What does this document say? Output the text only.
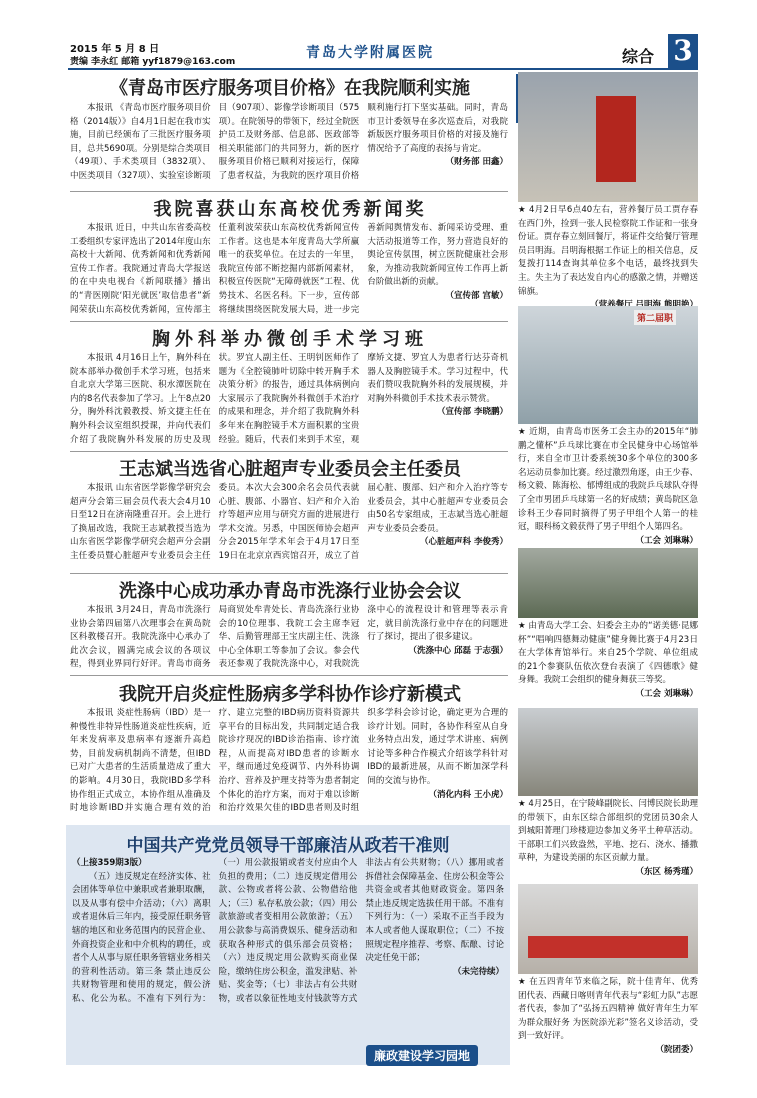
2015 年 5 月 8 日
责编 李永红 邮箱 yyf1879@163.com
青岛大学附属医院	综合 3
《青岛市医疗服务项目价格》在我院顺利实施

本报讯 《青岛市医疗服务项目价格（2014版）》自4月1日起在我市实施，目前已经颁布了三批医疗服务项目，总共5690项。分别是综合类项目（49项）、手术类项目（3832项）、中医类项目（327项）、实验室诊断项目（907项）、影像学诊断项目（575项）。在院领导的带领下，经过全院医护员工及财务部、信息部、医政部等相关职能部门的共同努力，新的医疗服务项目价格已顺利对接运行，保障了患者权益，为我院的医疗项目价格顺利施行打下坚实基础。同时，青岛市卫计委领导在多次巡查后，对我院新版医疗服务项目价格的对接及施行情况给予了高度的表扬与肯定。

（财务部 田鑫）
我院喜获山东高校优秀新闻奖

本报讯 近日，中共山东省委高校工委组织专家评选出了2014年度山东高校十大新闻、优秀新闻和优秀新闻宣传工作者。我院通过青岛大学报送的在中央电视台《新闻联播》播出的“青医刚院‘阳光就医’取信患者”新闻荣获山东高校优秀新闻，宣传部主任董利波荣获山东高校优秀新闻宣传工作者。这也是本年度青岛大学所赢唯一的获奖单位。在过去的一年里，我院宣传部不断挖掘内部新闻素材，积极宣传医院“无障碍就医”工程、优势技术、名医名科。下一步，宣传部将继续围绕医院发展大局，进一步完善新闻舆情发布、新闻采访受理、重大活动报道等工作，努力营造良好的舆论宣传氛围，树立医院健康社会形象，为推动我院新闻宣传工作再上新台阶做出新的贡献。

（宣传部 宫敏）
胸外科举办微创手术学习班

本报讯 4月16日上午，胸外科在院本部举办微创手术学习班，包括来自北京大学第三医院、积水潭医院在内的8名代表参加了学习。上午8点20分，胸外科沈毅教授、矫文捷主任在胸外科会议室组织授课，并向代表们介绍了我院胸外科发展的历史及现状。罗宜人副主任、王明钊医师作了题为《全腔镜肺叶切除中转开胸手术决策分析》的报告，通过具体病例向大家展示了我院胸外科微创手术治疗的成果和理念，并介绍了我院胸外科多年来在胸腔镜手术方面积累的宝贵经验。随后，代表们来到手术室，观摩矫文捷、罗宜人为患者行达芬奇机器人及胸腔镜手术。学习过程中，代表们赞叹我院胸外科的发展规模，并对胸外科微创手术技术表示赞赏。

（宣传部 李晓鹏）
王志斌当选省心脏超声专业委员会主任委员

本报讯 山东省医学影像学研究会超声分会第三届会员代表大会4月10日至12日在济南隆重召开。会上进行了换届改选，我院王志斌教授当选为山东省医学影像学研究会超声分会副主任委员暨心脏超声专业委员会主任委员。本次大会300余名会员代表就心脏、腹部、小器官、妇产和介入治疗等超声应用与研究方面的进展进行学术交流。另悉，中国医师协会超声分会2015年学术年会于4月17日至19日在北京京西宾馆召开，成立了首届心脏、腹部、妇产和介入治疗等专业委员会，其中心脏超声专业委员会由50名专家组成，王志斌当选心脏超声专业委员会委员。

（心脏超声科 李俊秀）
洗涤中心成功承办青岛市洗涤行业协会会议

本报讯 3月24日，青岛市洗涤行业协会第四届第八次理事会在黄岛院区科教楼召开。我院洗涤中心承办了此次会议，圆满完成会议的各项议程，得到业界同行好评。青岛市商务局商贸处牟青处长、青岛洗涤行业协会的10位理事、我院工会主席李冠华、后勤管理部王宝庆副主任、洗涤中心全体职工等参加了会议。参会代表还参观了我院洗涤中心，对我院洗涤中心的流程设计和管理等表示肯定，就目前洗涤行业中存在的问题进行了探讨，提出了很多建议。

（洗涤中心 邱磊 于志强）
我院开启炎症性肠病多学科协作诊疗新模式

本报讯 炎症性肠病（IBD）是一种慢性非特异性肠道炎症性疾病，近年来发病率及患病率有逐渐升高趋势，目前发病机制尚不清楚，但IBD已对广大患者的生活质量造成了重大的影响。4月30日，我院IBD多学科协作组正式成立，本协作组从准确及时地诊断IBD并实施合理有效的治疗、建立完整的IBD病历资料资源共享平台的目标出发，共同制定适合我院诊疗现况的IBD诊治指南、诊疗流程，从而提高对IBD患者的诊断水平，继而通过免疫调节、内外科协调治疗、营养及护理支持等为患者制定个体化的治疗方案，而对于难以诊断和治疗效果欠佳的IBD患者则及时组织多学科会诊讨论，确定更为合理的诊疗计划。同时，各协作科室从自身业务特点出发，通过学术讲座、病例讨论等多种合作模式介绍该学科针对IBD的最新进展，从而不断加深学科间的交流与协作。

（消化内科 王小虎）
中国共产党党员领导干部廉洁从政若干准则
（上接359期3版）

（五）违反规定在经济实体、社会团体等单位中兼职或者兼职取酬，以及从事有偿中介活动；（六）离职或者退休后三年内，接受原任职务管辖的地区和业务范围内的民营企业、外商投资企业和中介机构的聘任，或者个人从事与原任职务管辖业务相关的营利性活动。第三条 禁止违反公共财物管理和使用的规定，假公济私、化公为私。不准有下列行为：（一）用公款报销或者支付应由个人负担的费用；（二）违反规定借用公款、公物或者将公款、公物借给他人；（三）私存私放公款；（四）用公款旅游或者变相用公款旅游；（五）用公款参与高消费娱乐、健身活动和获取各种形式的俱乐部会员资格；（六）违反规定用公款购买商业保险，缴纳住房公积金，滥发津贴、补贴、奖金等；（七）非法占有公共财物，或者以象征性地支付钱款等方式非法占有公共财物；（八）挪用或者拆借社会保障基金、住房公积金等公共资金或者其他财政资金。第四条 禁止违反规定选拔任用干部。不准有下列行为：（一）采取不正当手段为本人或者他人谋取职位；（二）不按照规定程序推荐、考察、酝酿、讨论决定任免干部；

（未完待续）
廉政建设学习园地
★ 4月2日早6点40左右，营养餐厅员工贾存春在西门外，捡到一张人民检察院工作证和一张身份证。贾存春立刻回餐厅，将证件交给餐厅管理员吕明海。吕明海根据工作证上的相关信息，反复拨打114查询其单位多个电话，最终找到失主。失主为了表达发自内心的感激之情，并赠送锦旗。
第二届职
★ 近期，由青岛市医务工会主办的2015年“肺鹏之懂杯”乒乓球比赛在市全民健身中心场馆举行，来自全市卫计委系统30多个单位的300多名运动员参加比赛。经过激烈角逐，由王少春、杨文毅、陈海松、郁博组成的我院乒乓球队夺得了全市男团乒乓球第一名的好成绩；黄岛院区急诊科王少春同时摘得了男子甲组个人第一的桂冠，眼科杨文毅获得了男子甲组个人第四名。
（工会 刘琳琳）
★ 由青岛大学工会、妇委会主办的“诺美德·昆娜杯”“唱响四德舞动健康”健身舞比赛于4月23日在大学体育馆举行。来自25个学院、单位组成的21个参赛队伍依次登台表演了《四德歌》健身舞。我院工会组织的健身舞获三等奖。
（工会 刘琳琳）
★ 4月25日，在宁陵峰副院长、闫博民院长助理的带领下，由东区综合部组织的党团员30余人到城阳菁理门珍楼迎边参加义务平土种草活动。干部职工们兴致盎然，平地、挖石、浇水、播撒草种，为建设美丽的东区贡献力量。
（东区 杨秀瑾）
★ 在五四青年节来临之际，院十佳青年、优秀团代表、西藏日喀则青年代表与“彩虹力队”志愿者代表，参加了“弘扬五四精神 做好青年生力军 为群众服好务 为医院添光彩”签名义诊活动，受到一致好评。
（院团委）
